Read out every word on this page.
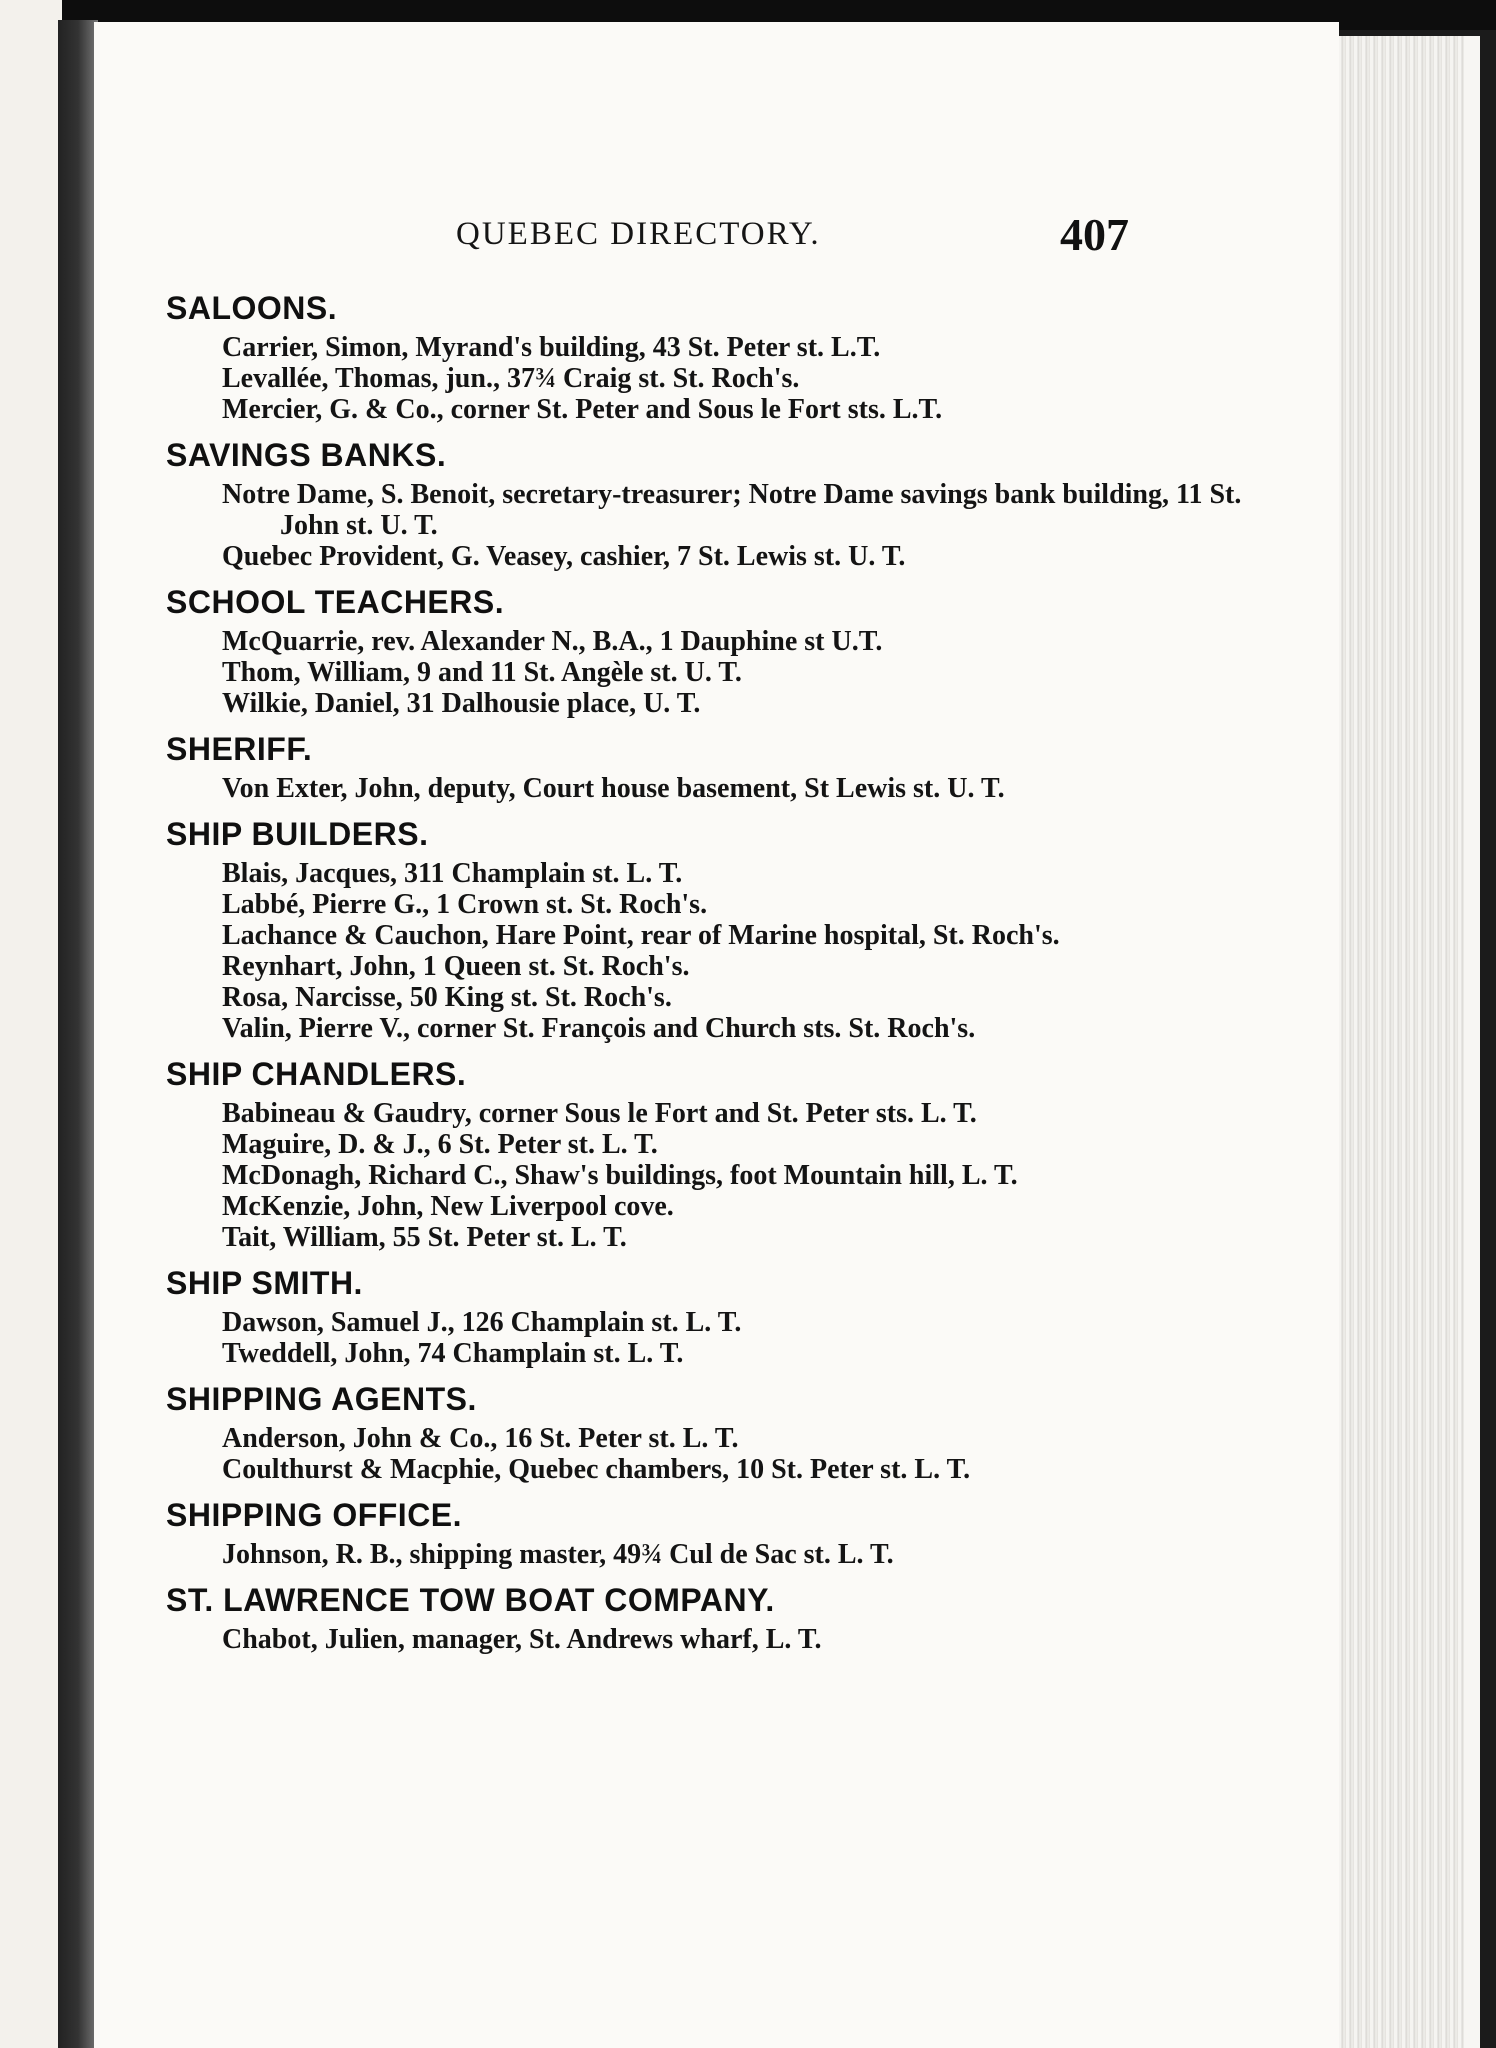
QUEBEC DIRECTORY.	407
SALOONS.
Carrier, Simon, Myrand's building, 43 St. Peter st. L.T.
Levallée, Thomas, jun., 37¾ Craig st. St. Roch's.
Mercier, G. & Co., corner St. Peter and Sous le Fort sts. L.T.
SAVINGS BANKS.
Notre Dame, S. Benoit, secretary-treasurer; Notre Dame savings bank building, 11 St. John st. U. T.
Quebec Provident, G. Veasey, cashier, 7 St. Lewis st. U. T.
SCHOOL TEACHERS.
McQuarrie, rev. Alexander N., B.A., 1 Dauphine st U.T.
Thom, William, 9 and 11 St. Angèle st. U. T.
Wilkie, Daniel, 31 Dalhousie place, U. T.
SHERIFF.
Von Exter, John, deputy, Court house basement, St Lewis st. U. T.
SHIP BUILDERS.
Blais, Jacques, 311 Champlain st. L. T.
Labbé, Pierre G., 1 Crown st. St. Roch's.
Lachance & Cauchon, Hare Point, rear of Marine hospital, St. Roch's.
Reynhart, John, 1 Queen st. St. Roch's.
Rosa, Narcisse, 50 King st. St. Roch's.
Valin, Pierre V., corner St. François and Church sts. St. Roch's.
SHIP CHANDLERS.
Babineau & Gaudry, corner Sous le Fort and St. Peter sts. L. T.
Maguire, D. & J., 6 St. Peter st. L. T.
McDonagh, Richard C., Shaw's buildings, foot Mountain hill, L. T.
McKenzie, John, New Liverpool cove.
Tait, William, 55 St. Peter st. L. T.
SHIP SMITH.
Dawson, Samuel J., 126 Champlain st. L. T.
Tweddell, John, 74 Champlain st. L. T.
SHIPPING AGENTS.
Anderson, John & Co., 16 St. Peter st. L. T.
Coulthurst & Macphie, Quebec chambers, 10 St. Peter st. L. T.
SHIPPING OFFICE.
Johnson, R. B., shipping master, 49¾ Cul de Sac st. L. T.
ST. LAWRENCE TOW BOAT COMPANY.
Chabot, Julien, manager, St. Andrews wharf, L. T.
